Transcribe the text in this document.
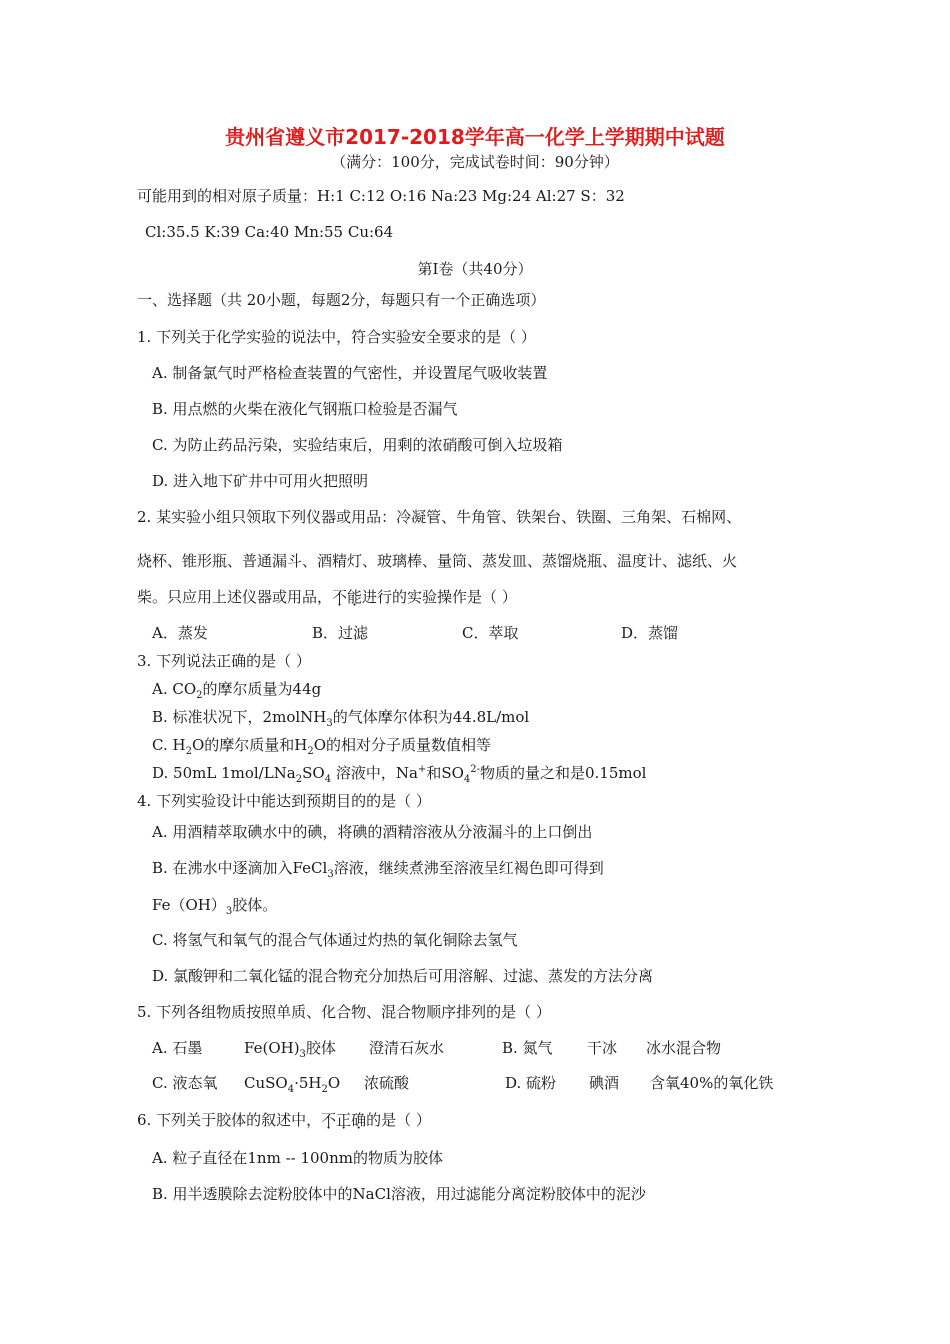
贵州省遵义市2017-2018学年高一化学上学期期中试题
（满分：100分，完成试卷时间：90分钟）
可能用到的相对原子质量：H:1 C:12 O:16 Na:23 Mg:24 Al:27 S：32
Cl:35.5 K:39 Ca:40 Mn:55 Cu:64
第Ⅰ卷（共40分）
一、选择题（共 20小题，每题2分，每题只有一个正确选项）
1. 下列关于化学实验的说法中，符合实验安全要求的是（ ）
A. 制备氯气时严格检查装置的气密性，并设置尾气吸收装置
B. 用点燃的火柴在液化气钢瓶口检验是否漏气
C. 为防止药品污染，实验结束后，用剩的浓硝酸可倒入垃圾箱
D. 进入地下矿井中可用火把照明
2. 某实验小组只领取下列仪器或用品：冷凝管、牛角管、铁架台、铁圈、三角架、石棉网、
烧杯、锥形瓶、普通漏斗、酒精灯、玻璃棒、量筒、蒸发皿、蒸馏烧瓶、温度计、滤纸、火
柴。只应用上述仪器或用品，不能进行的实验操作是（ ）
A．蒸发	B．过滤	C．萃取	D．蒸馏
3. 下列说法正确的是（ ）
A. $CO_2$的摩尔质量为44g
B. 标准状况下，2molNH$_3$的气体摩尔体积为44.8L/mol
C. $H_2O$的摩尔质量和$H_2O$的相对分子质量数值相等
D. 50mL $1mol/LNa_2SO_4$ 溶液中，Na+和$SO_4^{2-}$物质的量之和是0.15mol
4. 下列实验设计中能达到预期目的的是（ ）
A. 用酒精萃取碘水中的碘，将碘的酒精溶液从分液漏斗的上口倒出
B. 在沸水中逐滴加入FeCl$_3$溶液，继续煮沸至溶液呈红褐色即可得到
$Fe(OH)_3$胶体。
C. 将氢气和氧气的混合气体通过灼热的氧化铜除去氢气
D. 氯酸钾和二氧化锰的混合物充分加热后可用溶解、过滤、蒸发的方法分离
5. 下列各组物质按照单质、化合物、混合物顺序排列的是（ ）
A. 石墨	$Fe(OH)_3$胶体 澄清石灰水	B. 氮气 干冰 冰水混合物
C. 液态氧 $CuSO_4\cdot 5H_2O$ 浓硫酸	D. 硫粉 碘酒 含氧40%的氧化铁
6. 下列关于胶体的叙述中，不正确的是（ ）
A. 粒子直径在1nm -- 100nm的物质为胶体
B. 用半透膜除去淀粉胶体中的NaCl溶液，用过滤能分离淀粉胶体中的泥沙
